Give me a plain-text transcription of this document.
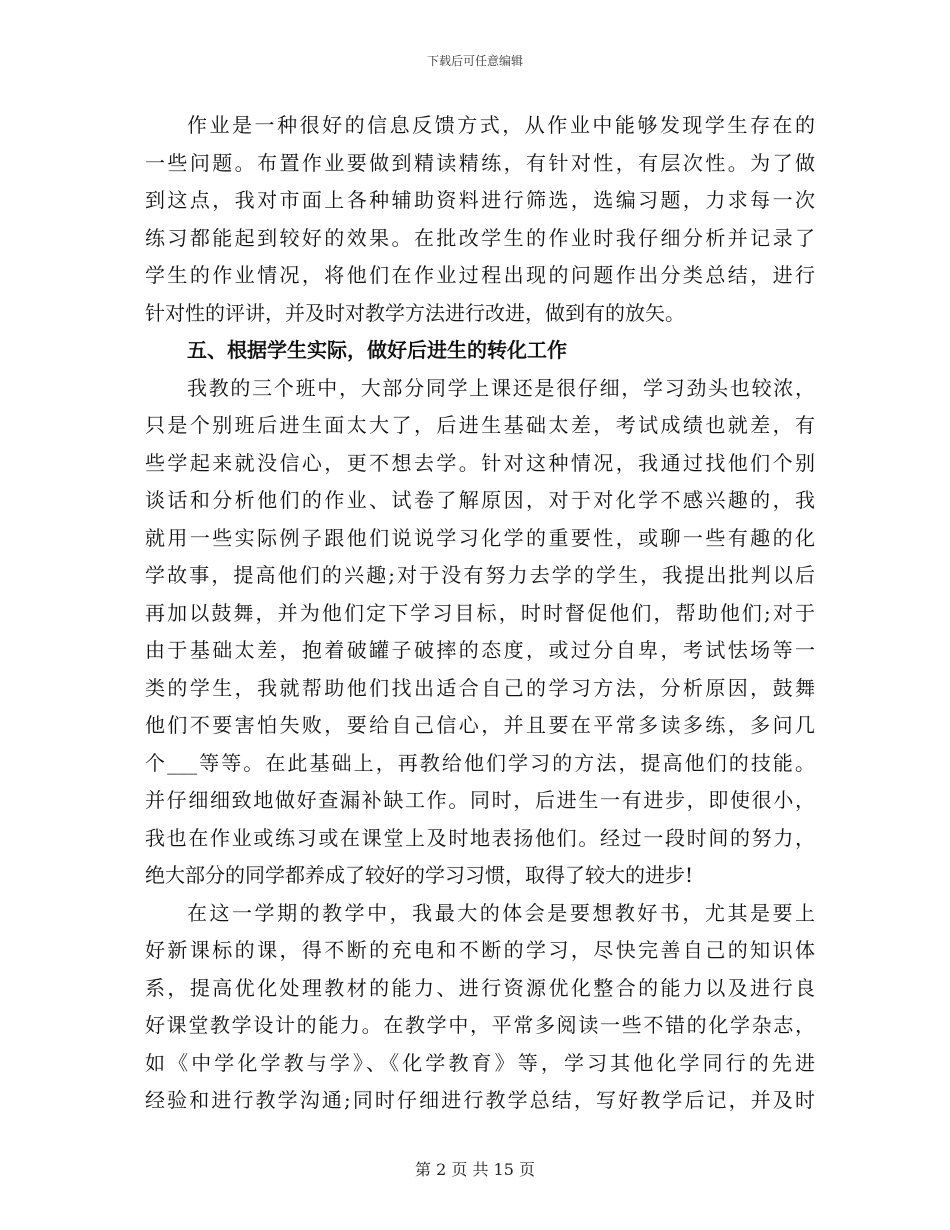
下载后可任意编辑
作业是一种很好的信息反馈方式，从作业中能够发现学生存在的
一些问题。布置作业要做到精读精练，有针对性，有层次性。为了做
到这点，我对市面上各种辅助资料进行筛选，选编习题，力求每一次
练习都能起到较好的效果。在批改学生的作业时我仔细分析并记录了
学生的作业情况，将他们在作业过程出现的问题作出分类总结，进行
针对性的评讲，并及时对教学方法进行改进，做到有的放矢。
五、根据学生实际，做好后进生的转化工作
我教的三个班中，大部分同学上课还是很仔细，学习劲头也较浓，
只是个别班后进生面太大了，后进生基础太差，考试成绩也就差，有
些学起来就没信心，更不想去学。针对这种情况，我通过找他们个别
谈话和分析他们的作业、试卷了解原因，对于对化学不感兴趣的，我
就用一些实际例子跟他们说说学习化学的重要性，或聊一些有趣的化
学故事，提高他们的兴趣;对于没有努力去学的学生，我提出批判以后
再加以鼓舞，并为他们定下学习目标，时时督促他们，帮助他们;对于
由于基础太差，抱着破罐子破摔的态度，或过分自卑，考试怯场等一
类的学生，我就帮助他们找出适合自己的学习方法，分析原因，鼓舞
他们不要害怕失败，要给自己信心，并且要在平常多读多练，多问几
个___等等。在此基础上，再教给他们学习的方法，提高他们的技能。
并仔细细致地做好查漏补缺工作。同时，后进生一有进步，即使很小，
我也在作业或练习或在课堂上及时地表扬他们。经过一段时间的努力，
绝大部分的同学都养成了较好的学习习惯，取得了较大的进步!
在这一学期的教学中，我最大的体会是要想教好书，尤其是要上
好新课标的课，得不断的充电和不断的学习，尽快完善自己的知识体
系，提高优化处理教材的能力、进行资源优化整合的能力以及进行良
好课堂教学设计的能力。在教学中，平常多阅读一些不错的化学杂志，
如《中学化学教与学》、《化学教育》等，学习其他化学同行的先进
经验和进行教学沟通;同时仔细进行教学总结，写好教学后记，并及时
第 2 页 共 15 页
